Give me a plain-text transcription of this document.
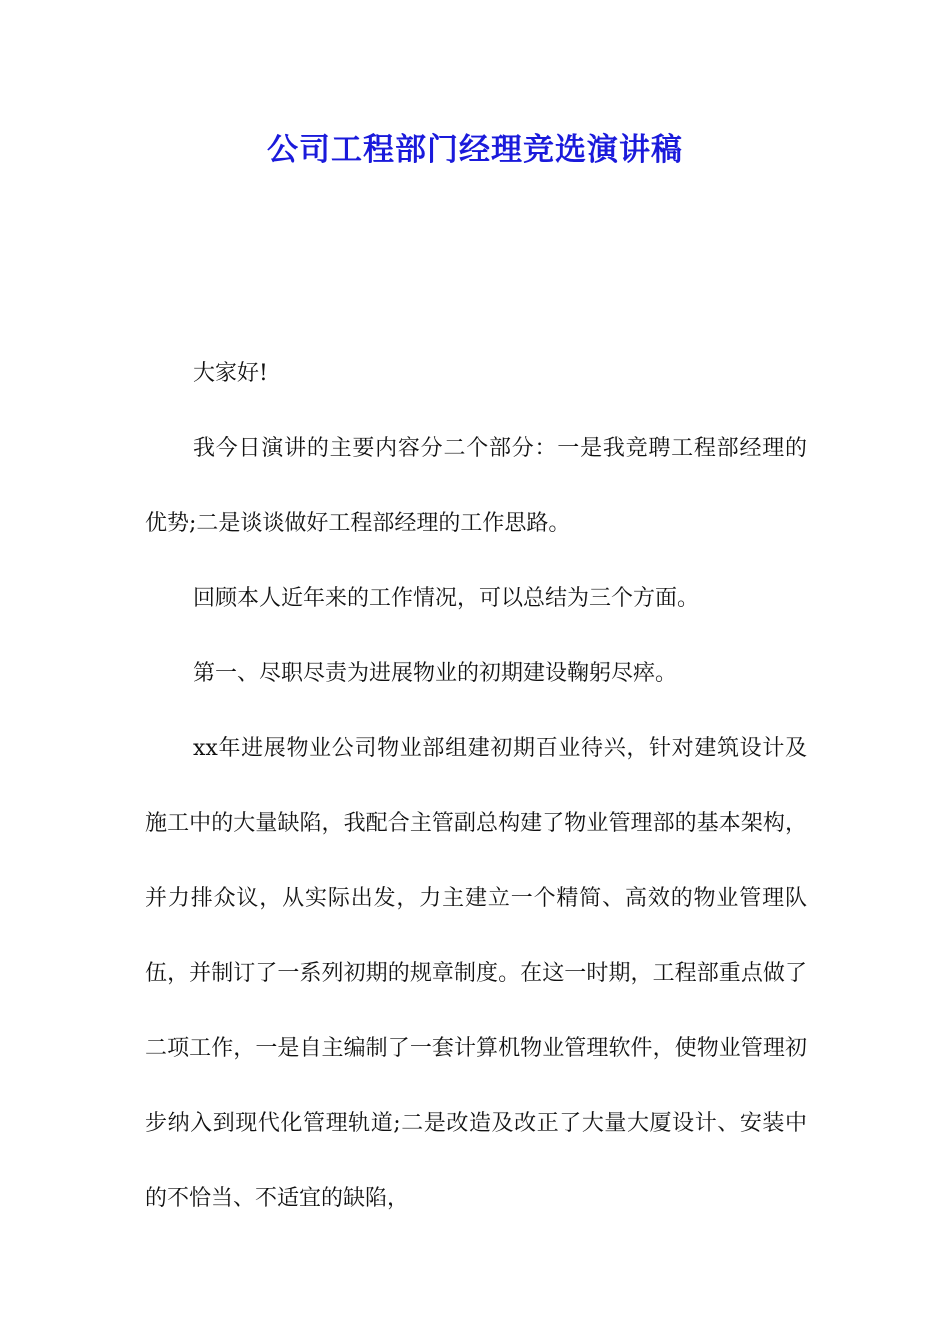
公司工程部门经理竞选演讲稿

大家好!

我今日演讲的主要内容分二个部分：一是我竞聘工程部经理的优势;二是谈谈做好工程部经理的工作思路。

回顾本人近年来的工作情况，可以总结为三个方面。

第一、尽职尽责为进展物业的初期建设鞠躬尽瘁。

xx年进展物业公司物业部组建初期百业待兴，针对建筑设计及施工中的大量缺陷，我配合主管副总构建了物业管理部的基本架构，并力排众议，从实际出发，力主建立一个精简、高效的物业管理队伍，并制订了一系列初期的规章制度。在这一时期，工程部重点做了二项工作，一是自主编制了一套计算机物业管理软件，使物业管理初步纳入到现代化管理轨道;二是改造及改正了大量大厦设计、安装中的不恰当、不适宜的缺陷，
